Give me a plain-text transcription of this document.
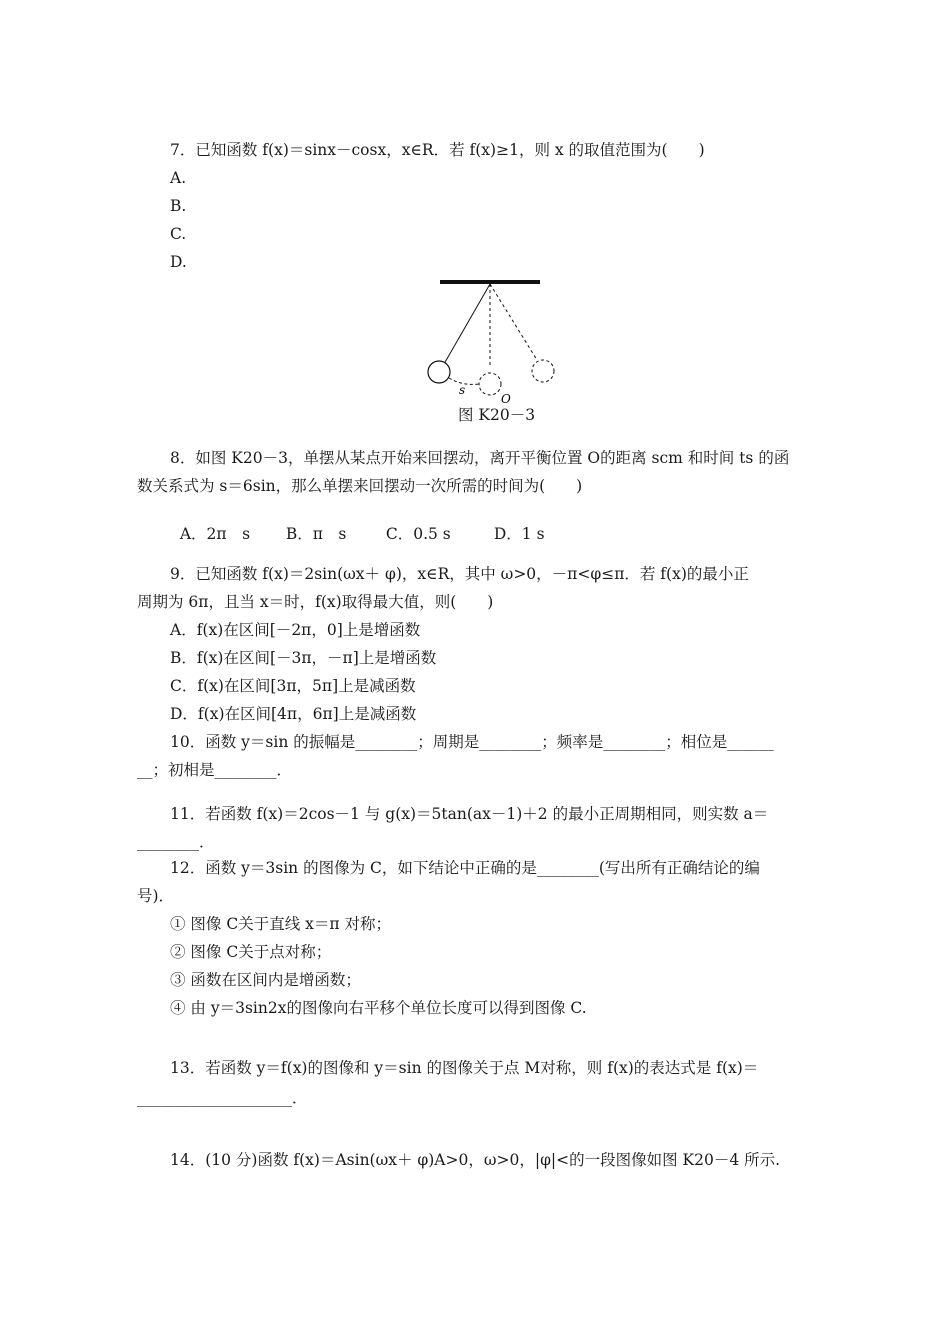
7．已知函数 f(x)＝sinx－cosx，x∈R．若 f(x)≥1，则 x 的取值范围为(　　)
A.
B.
C.
D.
s
O
图 K20－3
8．如图 K20－3，单摆从某点开始来回摆动，离开平衡位置 O的距离 scm 和时间 ts 的函
数关系式为 s＝6sin，那么单摆来回摆动一次所需的时间为(　　)

A．2π　s B．π　s	C．0.5 s	D．1 s

9．已知函数 f(x)＝2sin(ωx＋ φ)，x∈R，其中 ω>0，－π<φ≤π．若 f(x)的最小正
周期为 6π，且当 x＝时，f(x)取得最大值，则(　　)
A．f(x)在区间[－2π，0]上是增函数
B．f(x)在区间[－3π，－π]上是增函数
C．f(x)在区间[3π，5π]上是减函数
D．f(x)在区间[4π，6π]上是减函数
10．函数 y＝sin 的振幅是________；周期是________；频率是________；相位是______
__；初相是________．
11．若函数 f(x)＝2cos－1 与 g(x)＝5tan(ax－1)＋2 的最小正周期相同，则实数 a＝
________．
12．函数 y＝3sin 的图像为 C，如下结论中正确的是________(写出所有正确结论的编
号)．
① 图像 C关于直线 x＝π 对称；
② 图像 C关于点对称；
③ 函数在区间内是增函数；
④ 由 y＝3sin2x的图像向右平移个单位长度可以得到图像 C.
13．若函数 y＝f(x)的图像和 y＝sin 的图像关于点 M对称，则 f(x)的表达式是 f(x)＝
____________________．
14．(10 分)函数 f(x)＝Asin(ωx＋ φ)A>0，ω>0，|φ|<的一段图像如图 K20－4 所示.
